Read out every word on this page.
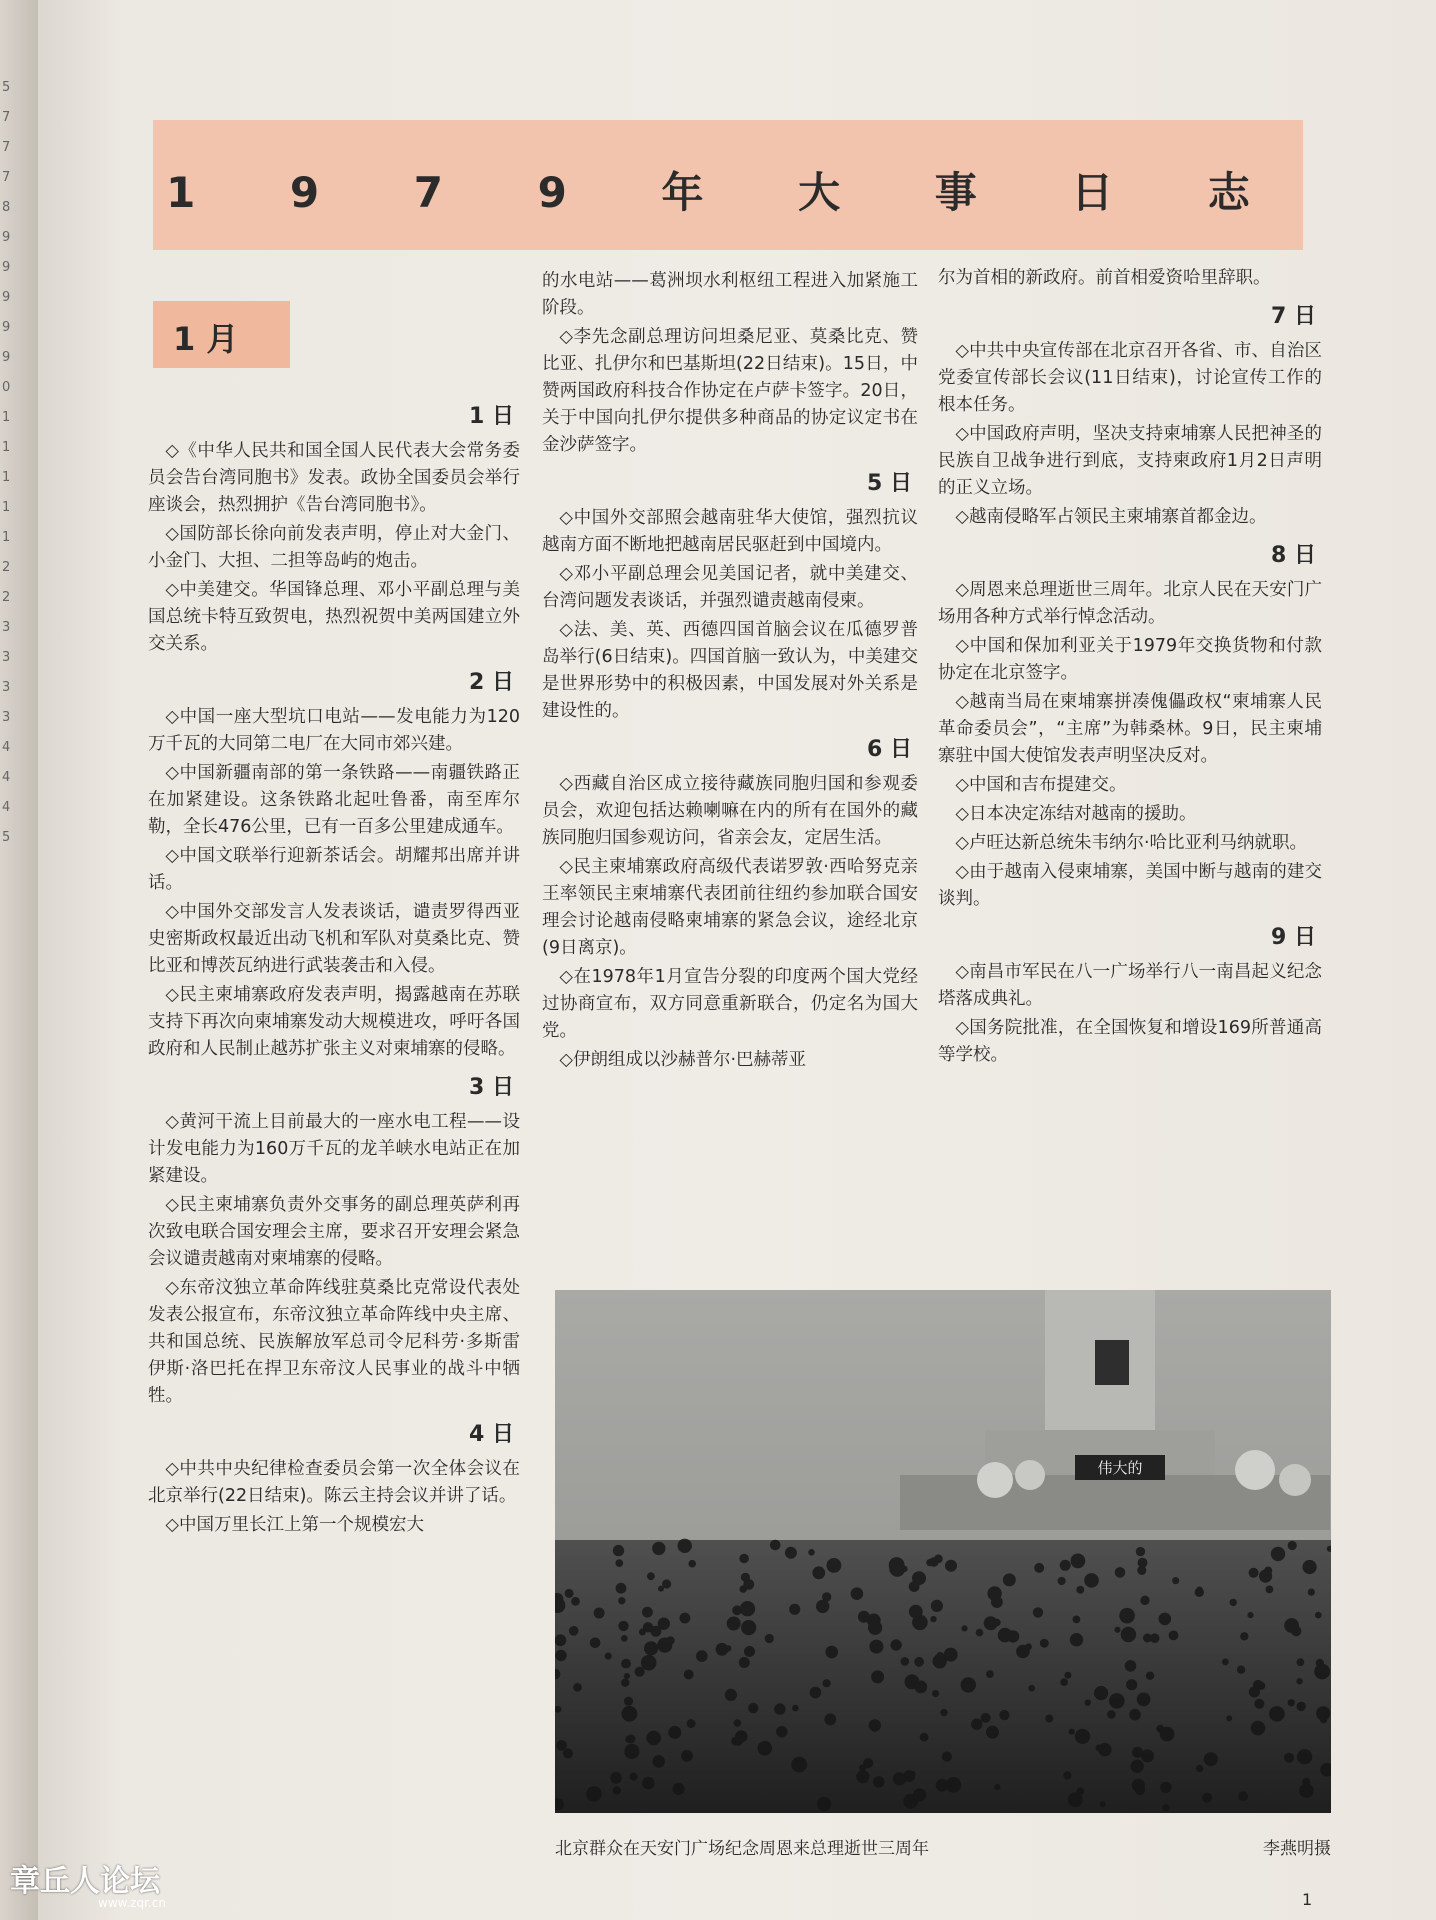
5
7
7
7
8
9
9
9
9
9
0
1
1
1
1
1
2
2
3
3
3
3
4
4
4
5
1 9 7 9 年 大 事 日 志
1 月
1 日
◇ 《中华人民共和国全国人民代表大会常务委员会告台湾同胞书》发表。政协全国委员会举行座谈会，热烈拥护《告台湾同胞书》。
◇ 国防部长徐向前发表声明，停止对大金门、小金门、大担、二担等岛屿的炮击。
◇ 中美建交。华国锋总理、邓小平副总理与美国总统卡特互致贺电，热烈祝贺中美两国建立外交关系。
2 日
◇ 中国一座大型坑口电站——发电能力为120万千瓦的大同第二电厂在大同市郊兴建。
◇ 中国新疆南部的第一条铁路——南疆铁路正在加紧建设。这条铁路北起吐鲁番，南至库尔勒，全长476公里，已有一百多公里建成通车。
◇ 中国文联举行迎新茶话会。胡耀邦出席并讲话。
◇ 中国外交部发言人发表谈话，谴责罗得西亚史密斯政权最近出动飞机和军队对莫桑比克、赞比亚和博茨瓦纳进行武装袭击和入侵。
◇ 民主柬埔寨政府发表声明，揭露越南在苏联支持下再次向柬埔寨发动大规模进攻，呼吁各国政府和人民制止越苏扩张主义对柬埔寨的侵略。
3 日
◇ 黄河干流上目前最大的一座水电工程——设计发电能力为160万千瓦的龙羊峡水电站正在加紧建设。
◇ 民主柬埔寨负责外交事务的副总理英萨利再次致电联合国安理会主席，要求召开安理会紧急会议谴责越南对柬埔寨的侵略。
◇ 东帝汶独立革命阵线驻莫桑比克常设代表处发表公报宣布，东帝汶独立革命阵线中央主席、共和国总统、民族解放军总司令尼科劳·多斯雷伊斯·洛巴托在捍卫东帝汶人民事业的战斗中牺牲。
4 日
◇ 中共中央纪律检查委员会第一次全体会议在北京举行(22日结束)。陈云主持会议并讲了话。
◇ 中国万里长江上第一个规模宏大
的水电站——葛洲坝水利枢纽工程进入加紧施工阶段。
◇ 李先念副总理访问坦桑尼亚、莫桑比克、赞比亚、扎伊尔和巴基斯坦(22日结束)。15日，中赞两国政府科技合作协定在卢萨卡签字。20日，关于中国向扎伊尔提供多种商品的协定议定书在金沙萨签字。
5 日
◇ 中国外交部照会越南驻华大使馆，强烈抗议越南方面不断地把越南居民驱赶到中国境内。
◇ 邓小平副总理会见美国记者，就中美建交、台湾问题发表谈话，并强烈谴责越南侵柬。
◇ 法、美、英、西德四国首脑会议在瓜德罗普岛举行(6日结束)。四国首脑一致认为，中美建交是世界形势中的积极因素，中国发展对外关系是建设性的。
6 日
◇ 西藏自治区成立接待藏族同胞归国和参观委员会，欢迎包括达赖喇嘛在内的所有在国外的藏族同胞归国参观访问，省亲会友，定居生活。
◇ 民主柬埔寨政府高级代表诺罗敦·西哈努克亲王率领民主柬埔寨代表团前往纽约参加联合国安理会讨论越南侵略柬埔寨的紧急会议，途经北京(9日离京)。
◇ 在1978年1月宣告分裂的印度两个国大党经过协商宣布，双方同意重新联合，仍定名为国大党。
◇ 伊朗组成以沙赫普尔·巴赫蒂亚
尔为首相的新政府。前首相爱资哈里辞职。
7 日
◇ 中共中央宣传部在北京召开各省、市、自治区党委宣传部长会议(11日结束)，讨论宣传工作的根本任务。
◇ 中国政府声明，坚决支持柬埔寨人民把神圣的民族自卫战争进行到底，支持柬政府1月2日声明的正义立场。
◇ 越南侵略军占领民主柬埔寨首都金边。
8 日
◇ 周恩来总理逝世三周年。北京人民在天安门广场用各种方式举行悼念活动。
◇ 中国和保加利亚关于1979年交换货物和付款协定在北京签字。
◇ 越南当局在柬埔寨拼凑傀儡政权“柬埔寨人民革命委员会”，“主席”为韩桑林。9日，民主柬埔寨驻中国大使馆发表声明坚决反对。
◇ 中国和吉布提建交。
◇ 日本决定冻结对越南的援助。
◇ 卢旺达新总统朱韦纳尔·哈比亚利马纳就职。
◇ 由于越南入侵柬埔寨，美国中断与越南的建交谈判。
9 日
◇ 南昌市军民在八一广场举行八一南昌起义纪念塔落成典礼。
◇ 国务院批准，在全国恢复和增设169所普通高等学校。
伟大的
北京群众在天安门广场纪念周恩来总理逝世三周年	李燕明摄
1
章丘人论坛
www.zqr.cn
